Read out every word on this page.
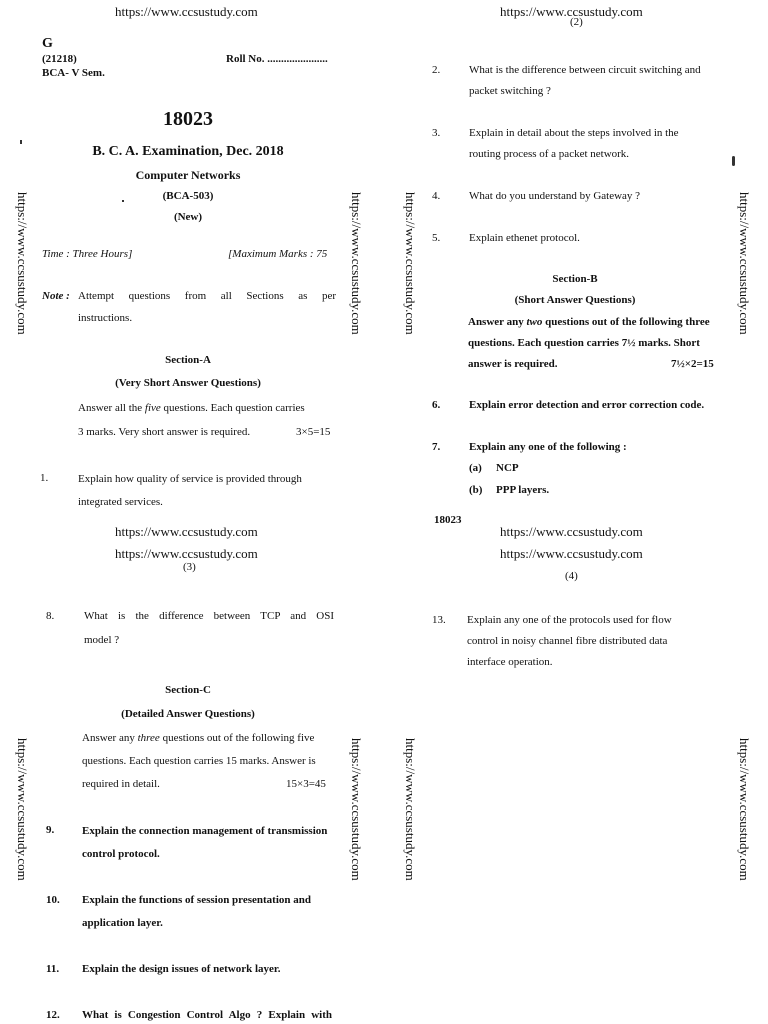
https://www.ccsustudy.com	https://www.ccsustudy.com
(2)
https://www.ccsustudy.com	https://www.ccsustudy.com	https://www.ccsustudy.com	https://www.ccsustudy.com
https://www.ccsustudy.com	https://www.ccsustudy.com	https://www.ccsustudy.com	https://www.ccsustudy.com
G
(21218)	Roll No. ......................
BCA- V Sem.
18023
B. C. A. Examination, Dec. 2018
Computer Networks
(BCA-503)
(New)
Time : Three Hours]	[Maximum Marks : 75
Note : Attempt questions from all Sections as per
instructions.
Section-A
(Very Short Answer Questions)
Answer all the five questions. Each question carries
3 marks. Very short answer is required.	3×5=15
1.	Explain how quality of service is provided through
integrated services.
https://www.ccsustudy.com
https://www.ccsustudy.com
(3)
8.	What is the difference between TCP and OSI
model ?
Section-C
(Detailed Answer Questions)
Answer any three questions out of the following five
questions. Each question carries 15 marks. Answer is
required in detail.	15×3=45
9.	Explain the connection management of transmission
control protocol.
10. Explain the functions of session presentation and
application layer.
11. Explain the design issues of network layer.
12. What is Congestion Control Algo ? Explain with
2.	What is the difference between circuit switching and
packet switching ?
3.	Explain in detail about the steps involved in the
routing process of a packet network.
4.	What do you understand by Gateway ?
5.	Explain ethenet protocol.
Section-B
(Short Answer Questions)
Answer any two questions out of the following three
questions. Each question carries 7½ marks. Short
answer is required.	7½×2=15
6.	Explain error detection and error correction code.
7.	Explain any one of the following :
(a) NCP
(b) PPP layers.
18023
https://www.ccsustudy.com
https://www.ccsustudy.com
(4)
13. Explain any one of the protocols used for flow
control in noisy channel fibre distributed data
interface operation.
